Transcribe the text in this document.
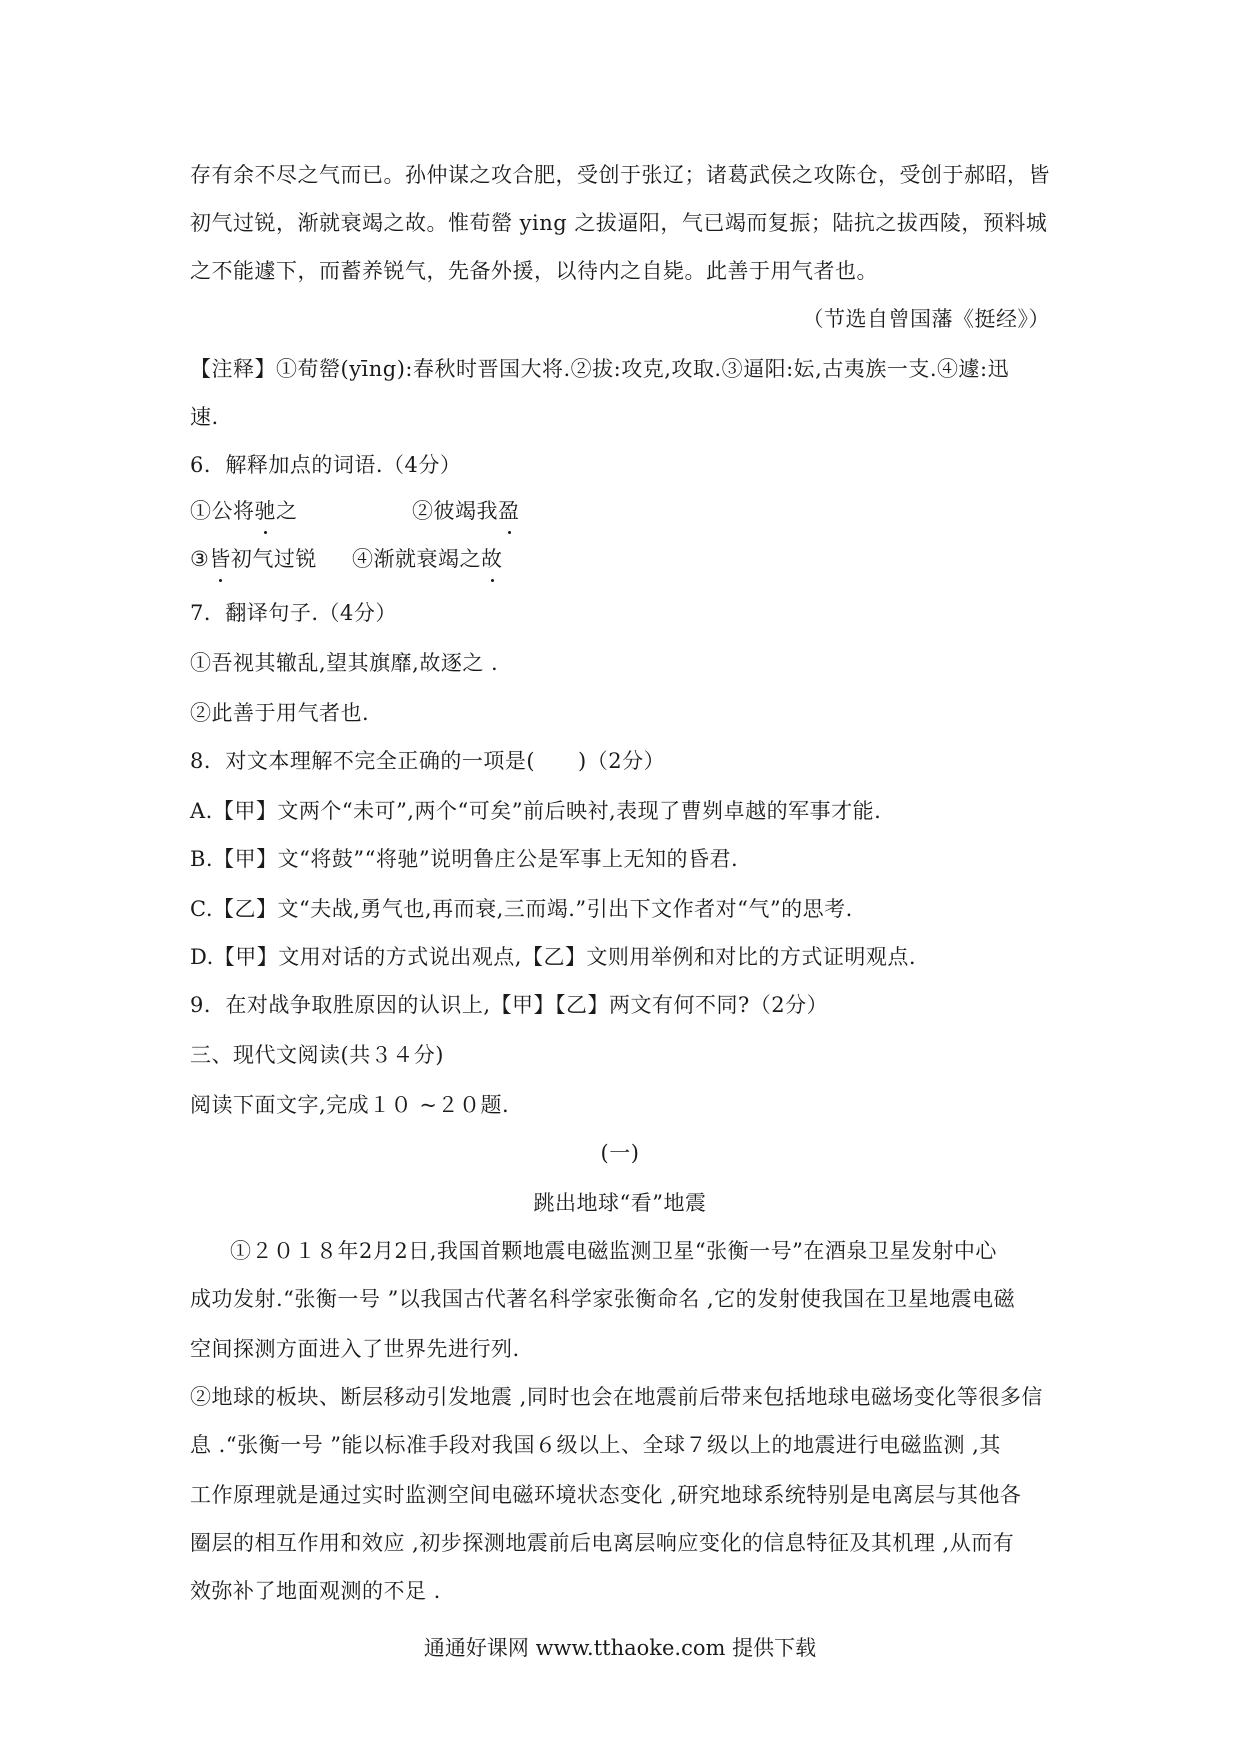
存有余不尽之气而已。孙仲谋之攻合肥，受创于张辽；诸葛武侯之攻陈仓，受创于郝昭，皆
初气过锐，渐就衰竭之故。惟荀罃 ying 之拔逼阳，气已竭而复振；陆抗之拔西陵，预料城
之不能遽下，而蓄养锐气，先备外援，以待内之自毙。此善于用气者也。
（节选自曾国藩《挺经》）
【注释】①荀罃(yīng):春秋时晋国大将.②拔:攻克,攻取.③逼阳:妘,古夷族一支.④遽:迅
速.
6．解释加点的词语.（4分）
①公将驰之	②彼竭我盈
③皆初气过锐 ④渐就衰竭之故
7．翻译句子.（4分）
①吾视其辙乱,望其旗靡,故逐之 .
②此善于用气者也.
8．对文本理解不完全正确的一项是(　　)（2分）
A.【甲】文两个“未可”,两个“可矣”前后映衬,表现了曹刿卓越的军事才能.
B.【甲】文“将鼓”“将驰”说明鲁庄公是军事上无知的昏君.
C.【乙】文“夫战,勇气也,再而衰,三而竭.”引出下文作者对“气”的思考.
D.【甲】文用对话的方式说出观点,【乙】文则用举例和对比的方式证明观点.
9．在对战争取胜原因的认识上,【甲】【乙】两文有何不同?（2分）
三、现代文阅读(共３４分)
阅读下面文字,完成１０ ~２０题.
(一)
跳出地球“看”地震
①２０１８年2月2日,我国首颗地震电磁监测卫星“张衡一号”在酒泉卫星发射中心
成功发射.“张衡一号 ”以我国古代著名科学家张衡命名 ,它的发射使我国在卫星地震电磁
空间探测方面进入了世界先进行列.
②地球的板块、断层移动引发地震 ,同时也会在地震前后带来包括地球电磁场变化等很多信
息 .“张衡一号 ”能以标准手段对我国６级以上、全球７级以上的地震进行电磁监测 ,其
工作原理就是通过实时监测空间电磁环境状态变化 ,研究地球系统特别是电离层与其他各
圈层的相互作用和效应 ,初步探测地震前后电离层响应变化的信息特征及其机理 ,从而有
效弥补了地面观测的不足 .
通通好课网 www.tthaoke.com 提供下载
